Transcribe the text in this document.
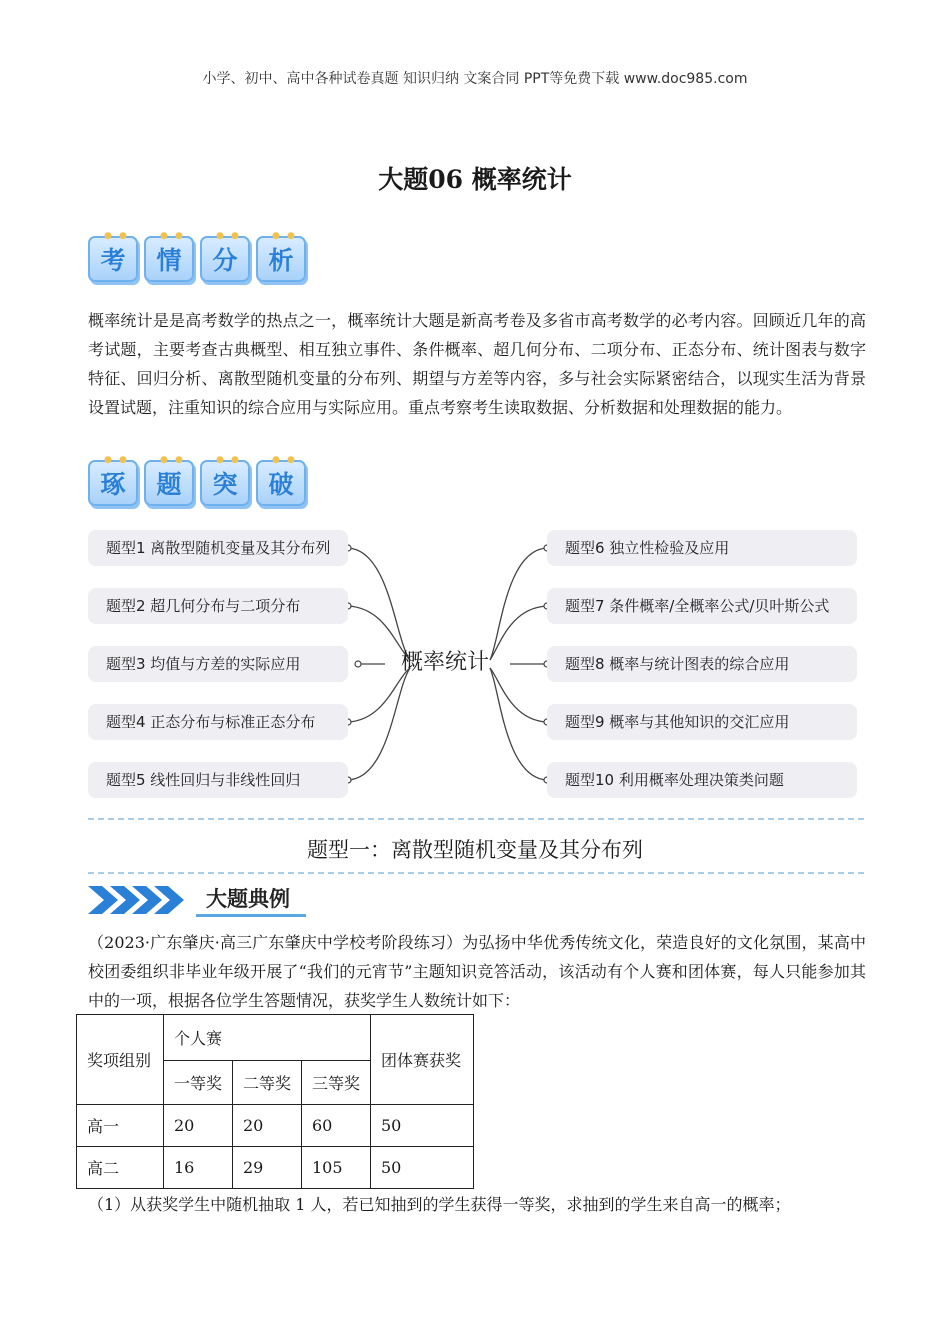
小学、初中、高中各种试卷真题 知识归纳 文案合同 PPT等免费下载 www.doc985.com
大题06 概率统计
● ●
考
● ●
情
● ●
分
● ●
析
概率统计是是高考数学的热点之一，概率统计大题是新高考卷及多省市高考数学的必考内容。回顾近几年的高考试题，主要考查古典概型、相互独立事件、条件概率、超几何分布、二项分布、正态分布、统计图表与数字特征、回归分析、离散型随机变量的分布列、期望与方差等内容，多与社会实际紧密结合，以现实生活为背景设置试题，注重知识的综合应用与实际应用。重点考察考生读取数据、分析数据和处理数据的能力。
● ●
琢
● ●
题
● ●
突
● ●
破
题型1 离散型随机变量及其分布列
题型2 超几何分布与二项分布
题型3 均值与方差的实际应用
题型4 正态分布与标准正态分布
题型5 线性回归与非线性回归
概率统计
题型6 独立性检验及应用
题型7 条件概率/全概率公式/贝叶斯公式
题型8 概率与统计图表的综合应用
题型9 概率与其他知识的交汇应用
题型10 利用概率处理决策类问题
题型一：离散型随机变量及其分布列
大题典例
（2023·广东肇庆·高三广东肇庆中学校考阶段练习）为弘扬中华优秀传统文化，荣造良好的文化氛围，某高中校团委组织非毕业年级开展了“我们的元宵节”主题知识竞答活动，该活动有个人赛和团体赛，每人只能参加其中的一项，根据各位学生答题情况，获奖学生人数统计如下：
奖项组别	个人赛			团体赛获奖
	一等奖	二等奖	三等奖	
高一	20	20	60	50
高二	16	29	105	50
（1）从获奖学生中随机抽取 1 人，若已知抽到的学生获得一等奖，求抽到的学生来自高一的概率；
